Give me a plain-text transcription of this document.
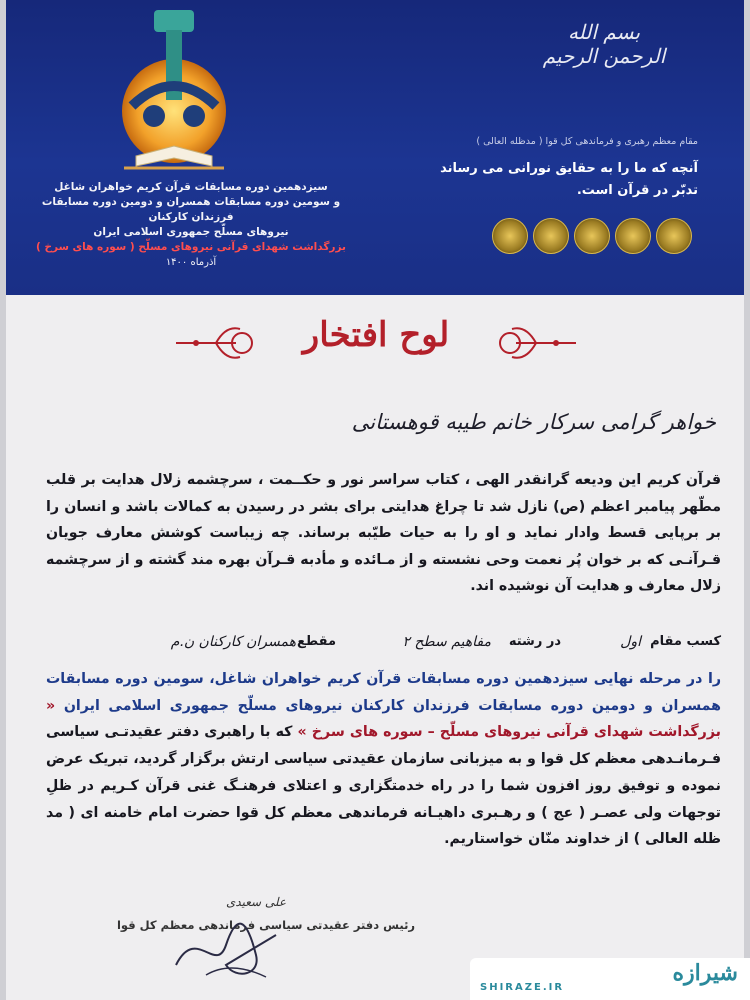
بسم الله الرحمن الرحیم
سیزدهمین دوره مسابقات قرآن کریم خواهران شاغل
و سومین دوره مسابقات همسران و دومین دوره مسابقات فرزندان کارکنان
نیروهای مسلّح جمهوری اسلامی ایران
بزرگداشت شهدای قرآنی نیروهای مسلّح ( سوره های سرخ )
آذرماه ۱۴۰۰
مقام معظم رهبری و فرماندهی کل قوا ( مدظله العالی )
آنچه که ما را به حقایق نورانی می رساند
تدبّر در قرآن است.
لوح افتخار
خواهر گرامی سرکار خانم طیبه قوهستانی
قرآن کریم این ودیعه گرانقدر الهی ، کتاب سراسر نور و حکــمت ، سرچشمه زلال هدایت بر قلب مطّهر پیامبر اعظم (ص) نازل شد تا چراغ هدایتی برای بشر در رسیدن به کمالات باشد و انسان را بر برپایی قسط وادار نماید و او را به حیات طیّبه برساند. چه زیباست کوشش معارف جویان قـرآنـی که بر خوان پُر نعمت وحی نشسته و از مـائده و مأدبه قـرآن بهره مند گشته و از سرچشمه زلال معارف و هدایت آن نوشیده اند.
کسب مقام
اول
در رشته
مفاهیم سطح ۲
مقطع
همسران کارکنان ن.م
را در مرحله نهایی سیزدهمین دوره مسابقات قرآن کریم خواهران شاغل، سومین دوره مسابقات همسران و دومین دوره مسابقات فرزندان کارکنان نیروهای مسلّح جمهوری اسلامی ایران « بزرگداشت شهدای قرآنی نیروهای مسلّح – سوره های سرخ » که با راهبری دفتر عقیدتـی سیاسی فـرمانـدهی معظم کل قوا و به میزبانی سازمان عقیدتی سیاسی ارتش برگزار گردید، تبریک عرض نموده و توفیق روز افزون شما را در راه خدمتگزاری و اعتلای فرهنـگ غنی قرآن کـریم در ظلِ توجهات ولی عصـر ( عج ) و رهـبری داهیـانه فرماندهی معظم کل قوا حضرت امام خامنه ای ( مد ظله العالی ) از خداوند منّان خواستاریم.
علی سعیدی
رئیس دفتر عقیدتی سیاسی فرماندهی معظم کل قوا
شیرازه
SHIRAZE.IR
